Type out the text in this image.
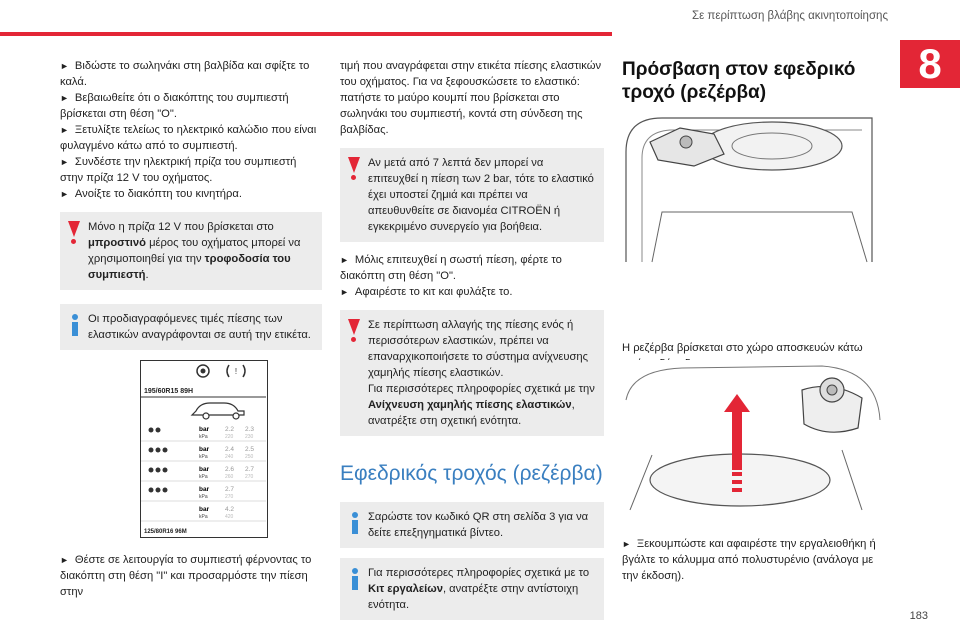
Σε περίπτωση βλάβης ακινητοποίησης
8
► Βιδώστε το σωληνάκι στη βαλβίδα και σφίξτε το καλά.
► Βεβαιωθείτε ότι ο διακόπτης του συμπιεστή βρίσκεται στη θέση "O".
► Ξετυλίξτε τελείως το ηλεκτρικό καλώδιο που είναι φυλαγμένο κάτω από το συμπιεστή.
► Συνδέστε την ηλεκτρική πρίζα του συμπιεστή στην πρίζα 12 V του οχήματος.
► Ανοίξτε το διακόπτη του κινητήρα.
Μόνο η πρίζα 12 V που βρίσκεται στο μπροστινό μέρος του οχήματος μπορεί να χρησιμοποιηθεί για την τροφοδοσία του συμπιεστή.
Οι προδιαγραφόμενες τιμές πίεσης των ελαστικών αναγράφονται σε αυτή την ετικέτα.
!
195/60R15 89H
bar
kPa
2.2
220
2.3
230
bar
kPa
2.4
240
2.5
250
bar
kPa
2.6
260
2.7
270
bar
kPa
2.7
270
bar
kPa
4.2
420
125/80R16 96M
► Θέστε σε λειτουργία το συμπιεστή φέρνοντας το διακόπτη στη θέση "I" και προσαρμόστε την πίεση στην
τιμή που αναγράφεται στην ετικέτα πίεσης ελαστικών του οχήματος. Για να ξεφουσκώσετε το ελαστικό: πατήστε το μαύρο κουμπί που βρίσκεται στο σωληνάκι του συμπιεστή, κοντά στη σύνδεση της βαλβίδας.
Αν μετά από 7 λεπτά δεν μπορεί να επιτευχθεί η πίεση των 2 bar, τότε το ελαστικό έχει υποστεί ζημιά και πρέπει να απευθυνθείτε σε διανομέα CITROËN ή εγκεκριμένο συνεργείο για βοήθεια.
► Μόλις επιτευχθεί η σωστή πίεση, φέρτε το διακόπτη στη θέση "O".
► Αφαιρέστε το κιτ και φυλάξτε το.
Σε περίπτωση αλλαγής της πίεσης ενός ή περισσότερων ελαστικών, πρέπει να επαναρχικοποιήσετε το σύστημα ανίχνευσης χαμηλής πίεσης ελαστικών.
Για περισσότερες πληροφορίες σχετικά με την Ανίχνευση χαμηλής πίεσης ελαστικών, ανατρέξτε στη σχετική ενότητα.
Εφεδρικός τροχός (ρεζέρβα)
Σαρώστε τον κωδικό QR στη σελίδα 3 για να δείτε επεξηγηματικά βίντεο.
Για περισσότερες πληροφορίες σχετικά με το Κιτ εργαλείων, ανατρέξτε στην αντίστοιχη ενότητα.
Πρόσβαση στον εφεδρικό τροχό (ρεζέρβα)
Η ρεζέρβα βρίσκεται στο χώρο αποσκευών κάτω
► Ξεκουμπώστε και αφαιρέστε την εργαλειοθήκη ή βγάλτε το κάλυμμα από πολυστυρένιο (ανάλογα με την έκδοση).
183
